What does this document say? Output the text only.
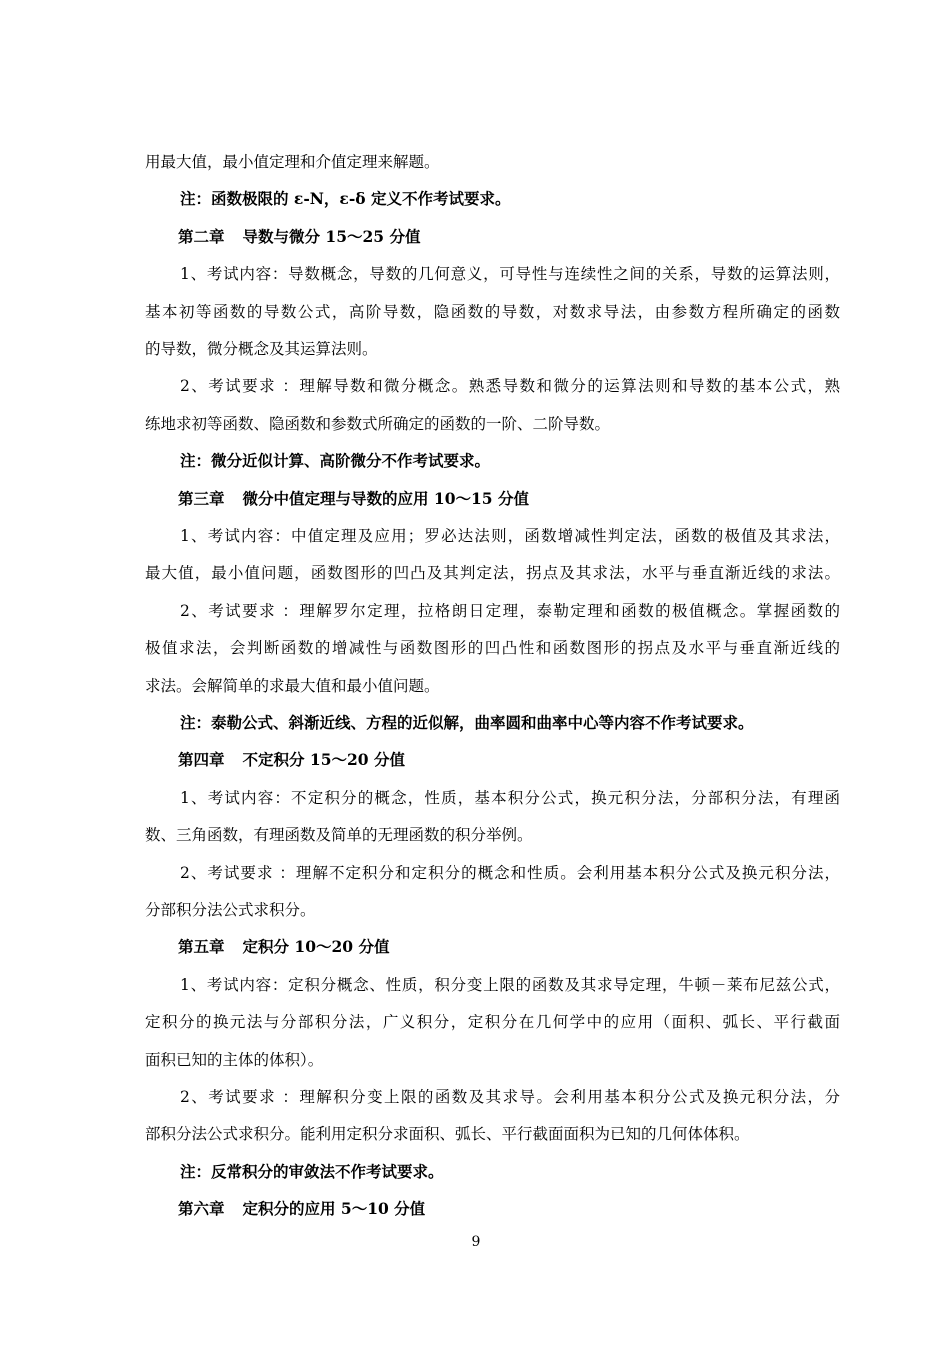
用最大值，最小值定理和介值定理来解题。
注：函数极限的 ε-N，ε-δ 定义不作考试要求。
第二章 导数与微分 15～25 分值
1、考试内容：导数概念，导数的几何意义，可导性与连续性之间的关系，导数的运算法则，
基本初等函数的导数公式，高阶导数，隐函数的导数，对数求导法，由参数方程所确定的函数
的导数，微分概念及其运算法则。
2、考试要求 ：理解导数和微分概念。熟悉导数和微分的运算法则和导数的基本公式，熟
练地求初等函数、隐函数和参数式所确定的函数的一阶、二阶导数。
注：微分近似计算、高阶微分不作考试要求。
第三章 微分中值定理与导数的应用 10～15 分值
1、考试内容：中值定理及应用；罗必达法则，函数增减性判定法，函数的极值及其求法，
最大值，最小值问题，函数图形的凹凸及其判定法，拐点及其求法，水平与垂直渐近线的求法。
2、考试要求 ：理解罗尔定理，拉格朗日定理，泰勒定理和函数的极值概念。掌握函数的
极值求法，会判断函数的增减性与函数图形的凹凸性和函数图形的拐点及水平与垂直渐近线的
求法。会解简单的求最大值和最小值问题。
注：泰勒公式、斜渐近线、方程的近似解，曲率圆和曲率中心等内容不作考试要求。
第四章 不定积分 15～20 分值
1、考试内容：不定积分的概念，性质，基本积分公式，换元积分法，分部积分法，有理函
数、三角函数，有理函数及简单的无理函数的积分举例。
2、考试要求 ：理解不定积分和定积分的概念和性质。会利用基本积分公式及换元积分法，
分部积分法公式求积分。
第五章 定积分 10～20 分值
1、考试内容：定积分概念、性质，积分变上限的函数及其求导定理，牛顿－莱布尼兹公式，
定积分的换元法与分部积分法，广义积分，定积分在几何学中的应用（面积、弧长、平行截面
面积已知的主体的体积）。
2、考试要求 ：理解积分变上限的函数及其求导。会利用基本积分公式及换元积分法，分
部积分法公式求积分。能利用定积分求面积、弧长、平行截面面积为已知的几何体体积。
注：反常积分的审敛法不作考试要求。
第六章 定积分的应用 5～10 分值
9
